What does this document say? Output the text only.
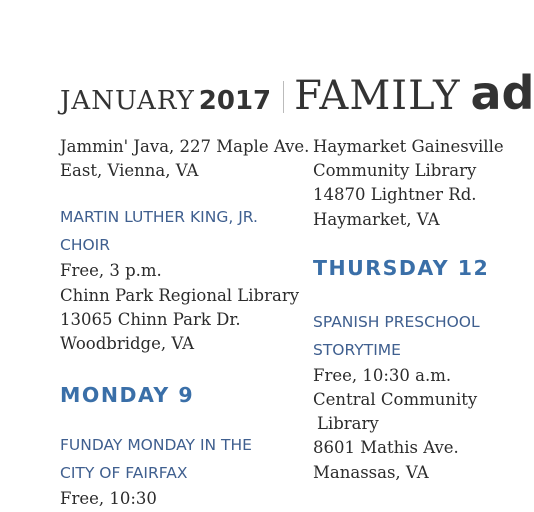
JANUARY 2017 FAMILY ad
Jammin' Java, 227 Maple Ave.
East, Vienna, VA
MARTIN LUTHER KING, JR.
CHOIR
Free, 3 p.m.
Chinn Park Regional Library
13065 Chinn Park Dr.
Woodbridge, VA
MONDAY 9
FUNDAY MONDAY IN THE
CITY OF FAIRFAX
Free, 10:30
Haymarket Gainesville
Community Library
14870 Lightner Rd.
Haymarket, VA
THURSDAY 12
SPANISH PRESCHOOL
STORYTIME
Free, 10:30 a.m.
Central Community
Library
8601 Mathis Ave.
Manassas, VA
